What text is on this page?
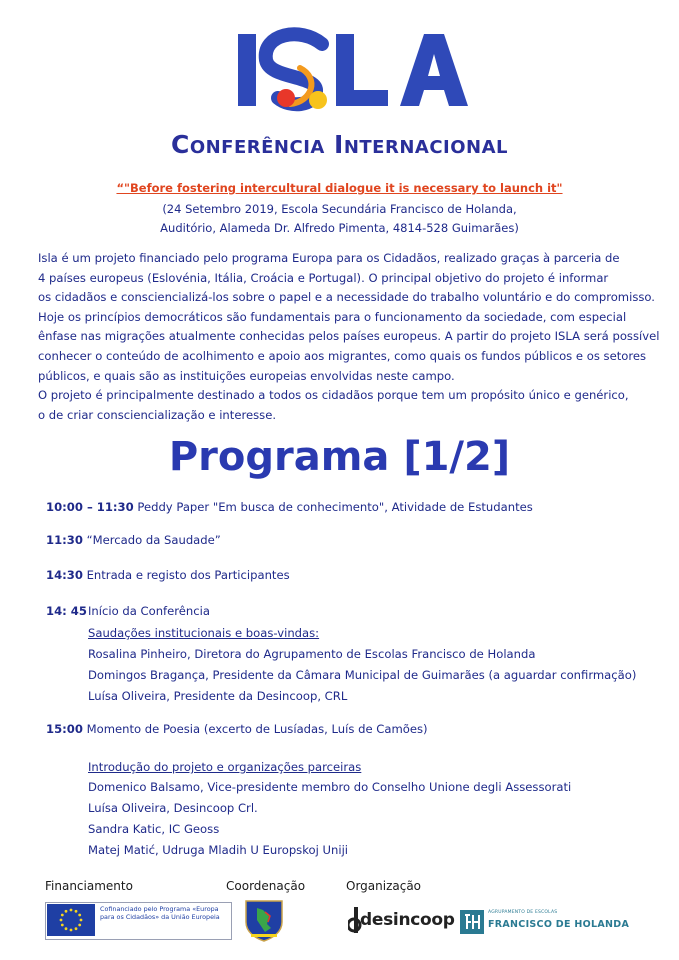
Conferência Internacional
“"Before fostering intercultural dialogue it is necessary to launch it"
(24 Setembro 2019, Escola Secundária Francisco de Holanda,
Auditório, Alameda Dr. Alfredo Pimenta, 4814-528 Guimarães)

Isla é um projeto financiado pelo programa Europa para os Cidadãos, realizado graças à parceria de

4 países europeus (Eslovénia, Itália, Croácia e Portugal). O principal objetivo do projeto é informar

os cidadãos e consciencializá-los sobre o papel e a necessidade do trabalho voluntário e do compromisso.

Hoje os princípios democráticos são fundamentais para o funcionamento da sociedade, com especial

ênfase nas migrações atualmente conhecidas pelos países europeus. A partir do projeto ISLA será possível

conhecer o conteúdo de acolhimento e apoio aos migrantes, como quais os fundos públicos e os setores

públicos, e quais são as instituições europeias envolvidas neste campo.

O projeto é principalmente destinado a todos os cidadãos porque tem um propósito único e genérico,

o de criar consciencialização e interesse.

Programa [1/2]
10:00 – 11:30 Peddy Paper "Em busca de conhecimento", Atividade de Estudantes
11:30 “Mercado da Saudade”
14:30 Entrada e registo dos Participantes
14: 45 Início da Conferência
Saudações institucionais e boas-vindas:
Rosalina Pinheiro, Diretora do Agrupamento de Escolas Francisco de Holanda
Domingos Bragança, Presidente da Câmara Municipal de Guimarães (a aguardar confirmação)
Luísa Oliveira, Presidente da Desincoop, CRL
15:00 Momento de Poesia (excerto de Lusíadas, Luís de Camões)
Introdução do projeto e organizações parceiras
Domenico Balsamo, Vice-presidente membro do Conselho Unione degli Assessorati
Luísa Oliveira, Desincoop Crl.
Sandra Katic, IC Geoss
Matej Matić, Udruga Mladih U Europskoj Uniji
Financiamento	Coordenação	Organização
Cofinanciado pelo Programa «Europa para os Cidadãos» da União Europeia	desincoop	AGRUPAMENTO DE ESCOLAS
FRANCISCO DE HOLANDA
